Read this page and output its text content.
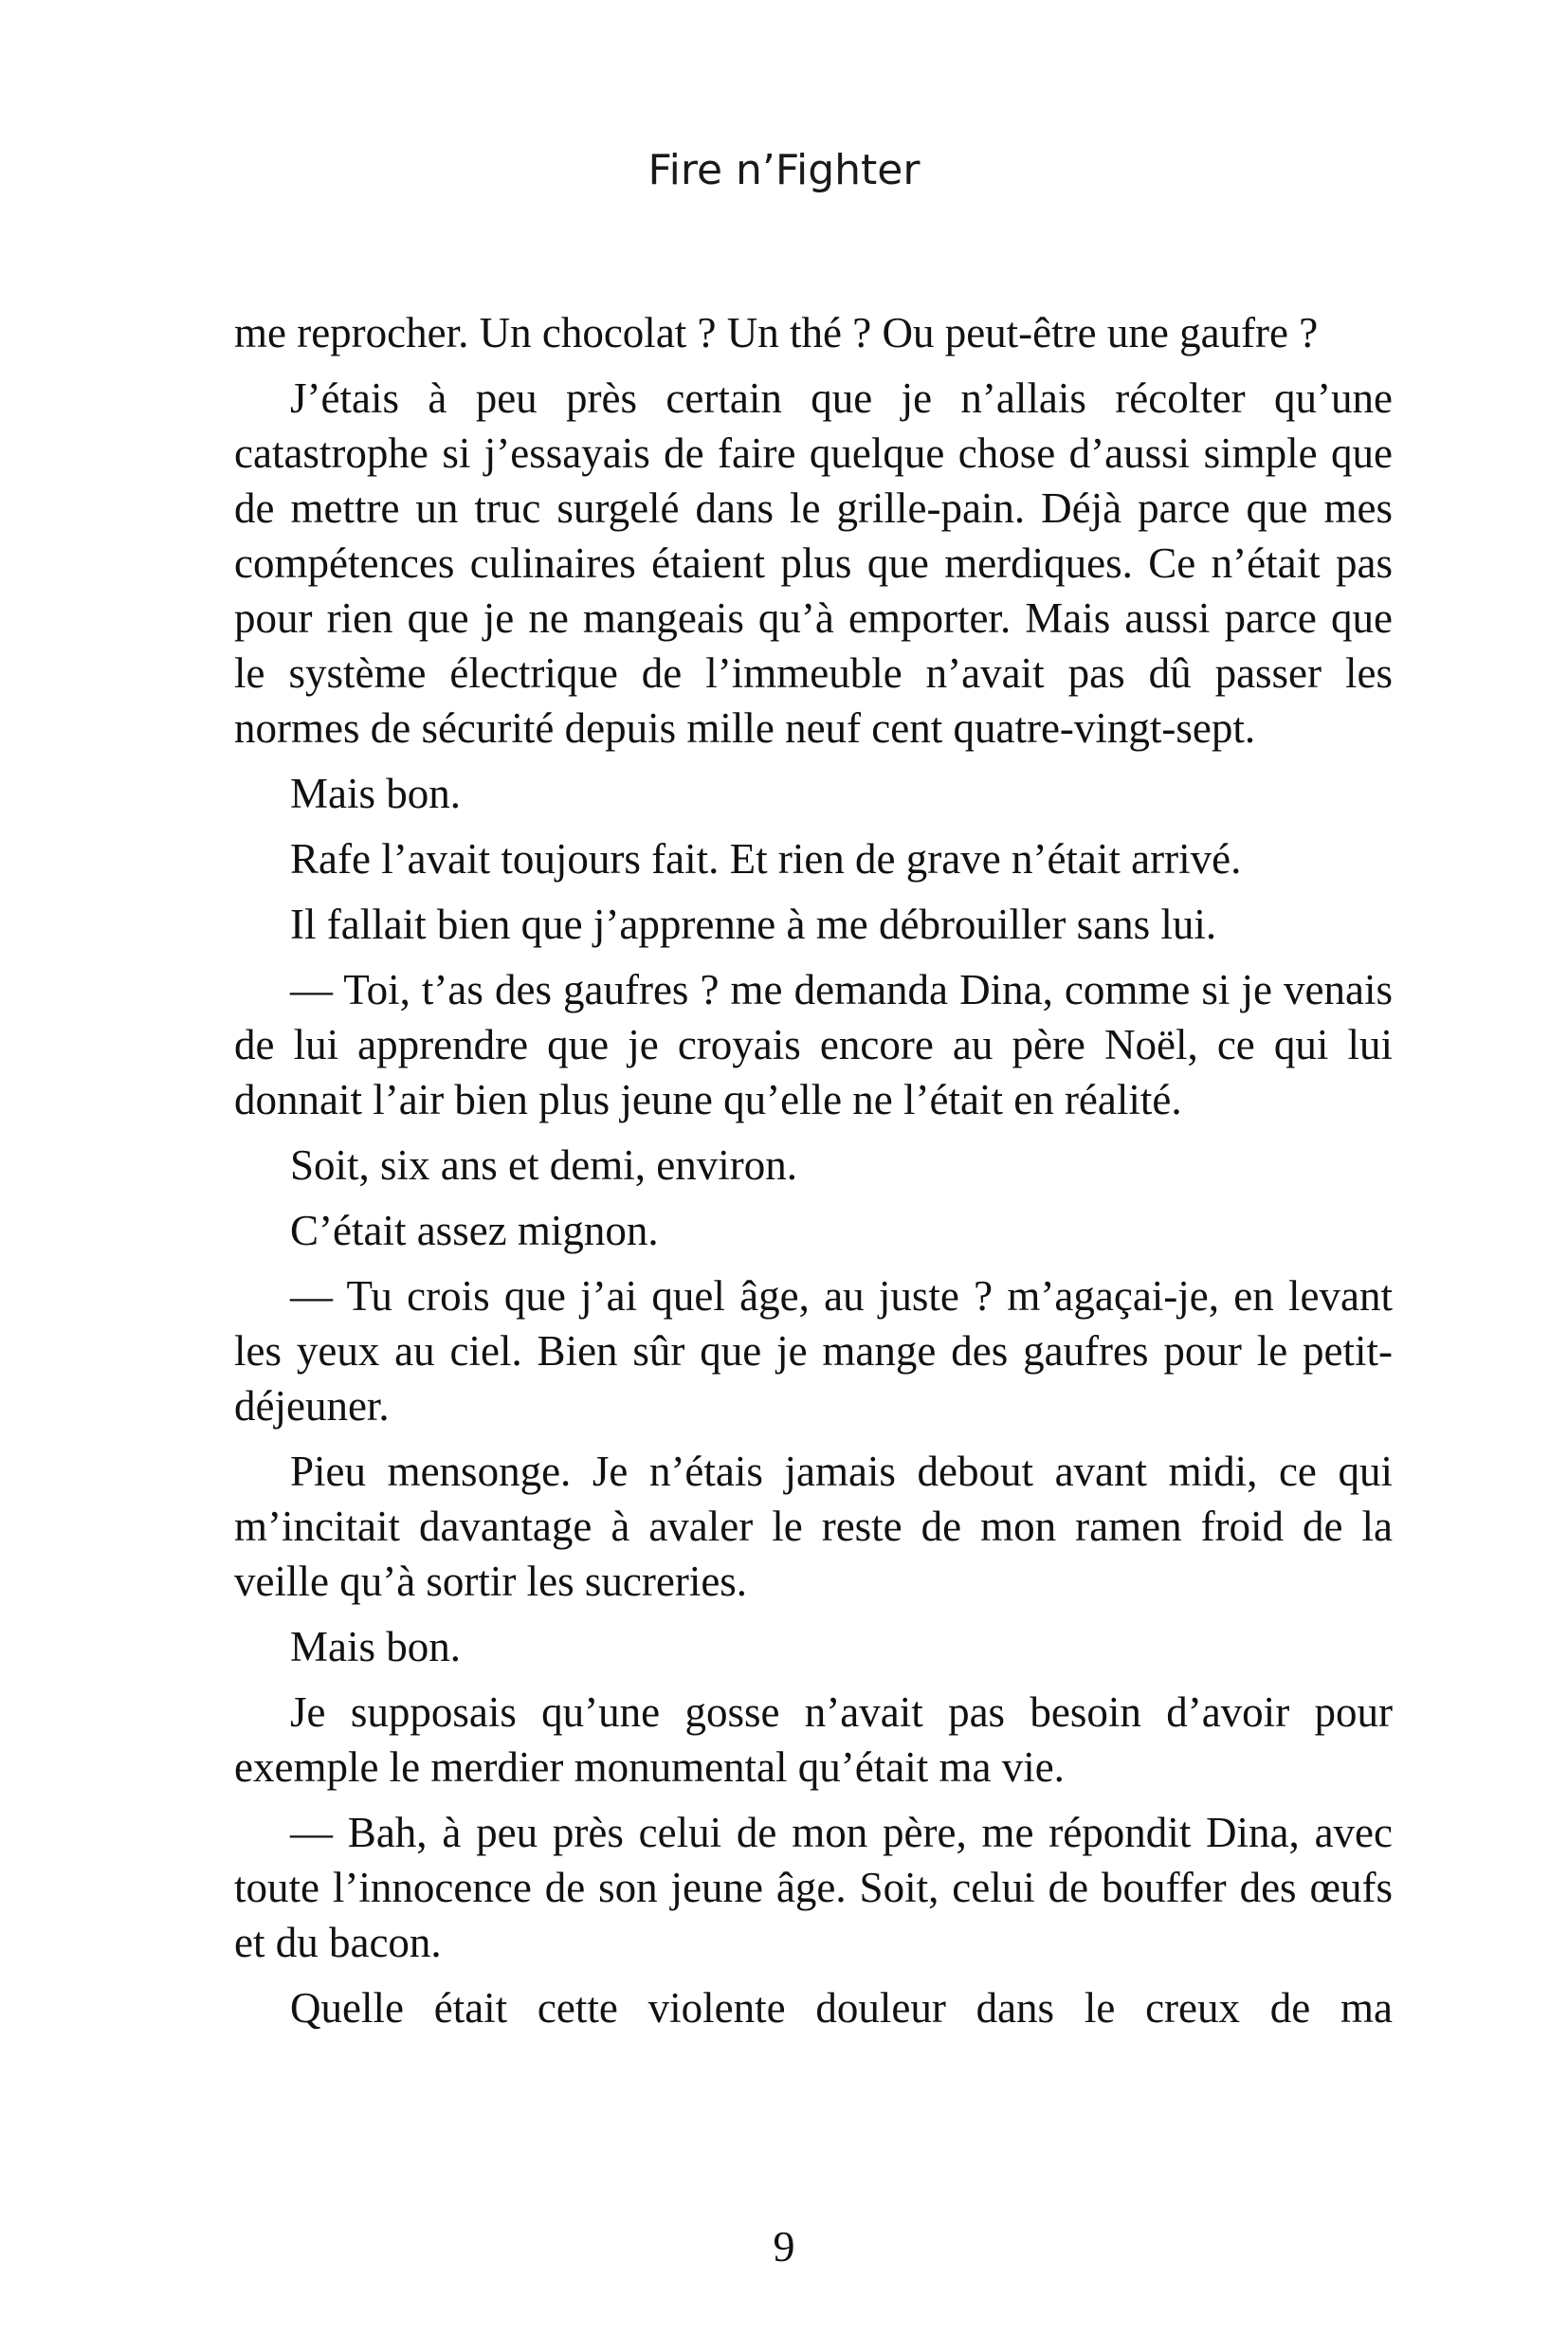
Fire n’Fighter

me reprocher. Un chocolat ? Un thé ? Ou peut-être une gaufre ?

J’étais à peu près certain que je n’allais récolter qu’une catastrophe si j’essayais de faire quelque chose d’aussi simple que de mettre un truc surgelé dans le grille-pain. Déjà parce que mes compétences culinaires étaient plus que merdiques. Ce n’était pas pour rien que je ne mangeais qu’à emporter. Mais aussi parce que le système électrique de l’immeuble n’avait pas dû passer les normes de sécurité depuis mille neuf cent quatre-vingt-sept.

Mais bon.

Rafe l’avait toujours fait. Et rien de grave n’était arrivé.

Il fallait bien que j’apprenne à me débrouiller sans lui.

— Toi, t’as des gaufres ? me demanda Dina, comme si je venais de lui apprendre que je croyais encore au père Noël, ce qui lui donnait l’air bien plus jeune qu’elle ne l’était en réalité.

Soit, six ans et demi, environ.

C’était assez mignon.

— Tu crois que j’ai quel âge, au juste ? m’agaçai-je, en levant les yeux au ciel. Bien sûr que je mange des gaufres pour le petit-déjeuner.

Pieu mensonge. Je n’étais jamais debout avant midi, ce qui m’incitait davantage à avaler le reste de mon ramen froid de la veille qu’à sortir les sucreries.

Mais bon.

Je supposais qu’une gosse n’avait pas besoin d’avoir pour exemple le merdier monumental qu’était ma vie.

— Bah, à peu près celui de mon père, me répondit Dina, avec toute l’innocence de son jeune âge. Soit, celui de bouffer des œufs et du bacon.

Quelle était cette violente douleur dans le creux de ma

9
